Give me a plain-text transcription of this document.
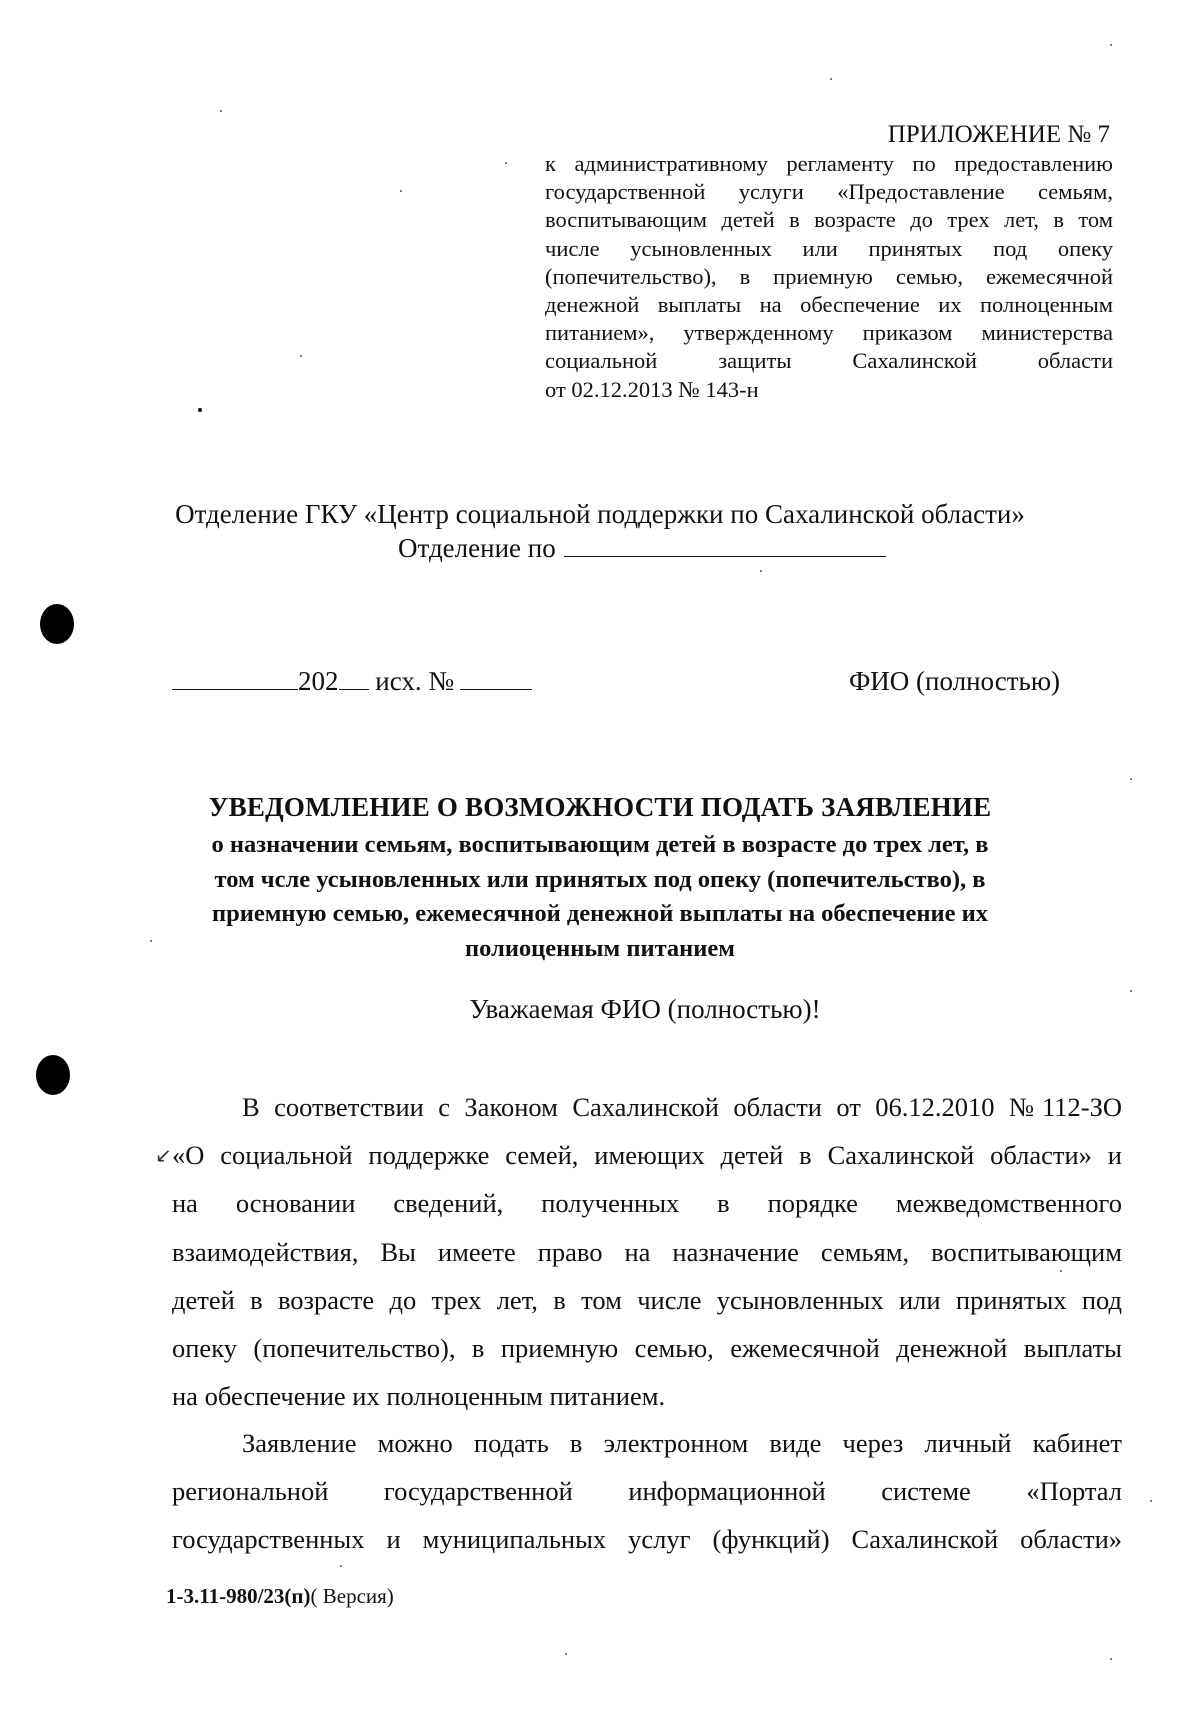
↙
ПРИЛОЖЕНИЕ № 7
к административному регламенту по предоставлению
государственной услуги «Предоставление семьям,
воспитывающим детей в возрасте до трех лет, в том
числе усыновленных или принятых под опеку
(попечительство), в приемную семью, ежемесячной
денежной выплаты на обеспечение их полноценным
питанием», утвержденному приказом министерства
социальной защиты Сахалинской области
от 02.12.2013 № 143-н
Отделение ГКУ «Центр социальной поддержки по Сахалинской области»
Отделение по
202 исх. №	ФИО (полностью)
УВЕДОМЛЕНИЕ О ВОЗМОЖНОСТИ ПОДАТЬ ЗАЯВЛЕНИЕ
о назначении семьям, воспитывающим детей в возрасте до трех лет, в
том чсле усыновленных или принятых под опеку (попечительство), в
приемную семью, ежемесячной денежной выплаты на обеспечение их
полиоценным питанием
Уважаемая ФИО (полностью)!
В соответствии с Законом Сахалинской области от 06.12.2010 №112-ЗО
«О социальной поддержке семей, имеющих детей в Сахалинской области» и
на основании сведений, полученных в порядке межведомственного
взаимодействия, Вы имеете право на назначение семьям, воспитывающим
детей в возрасте до трех лет, в том числе усыновленных или принятых под
опеку (попечительство), в приемную семью, ежемесячной денежной выплаты
на обеспечение их полноценным питанием.
Заявление можно подать в электронном виде через личный кабинет
региональной государственной информационной системе «Портал
государственных и муниципальных услуг (функций) Сахалинской области»
1-3.11-980/23(п)( Версия)
